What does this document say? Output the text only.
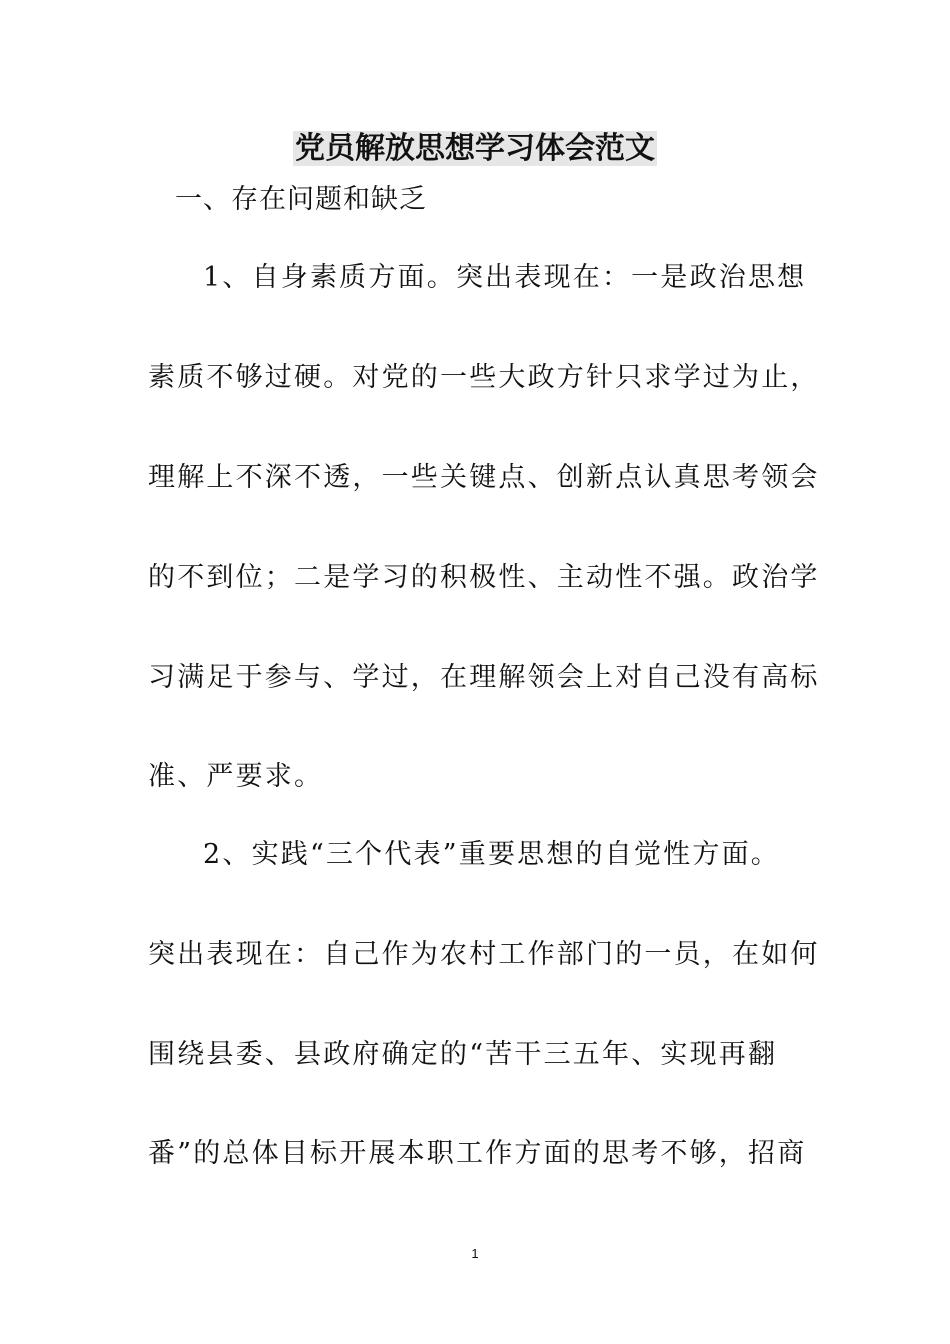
党员解放思想学习体会范文
一、存在问题和缺乏
1、自身素质方面。突出表现在：一是政治思想
素质不够过硬。对党的一些大政方针只求学过为止，
理解上不深不透，一些关键点、创新点认真思考领会
的不到位；二是学习的积极性、主动性不强。政治学
习满足于参与、学过，在理解领会上对自己没有高标
准、严要求。
2、实践“三个代表”重要思想的自觉性方面。
突出表现在：自己作为农村工作部门的一员，在如何
围绕县委、县政府确定的“苦干三五年、实现再翻
番”的总体目标开展本职工作方面的思考不够，招商
1
